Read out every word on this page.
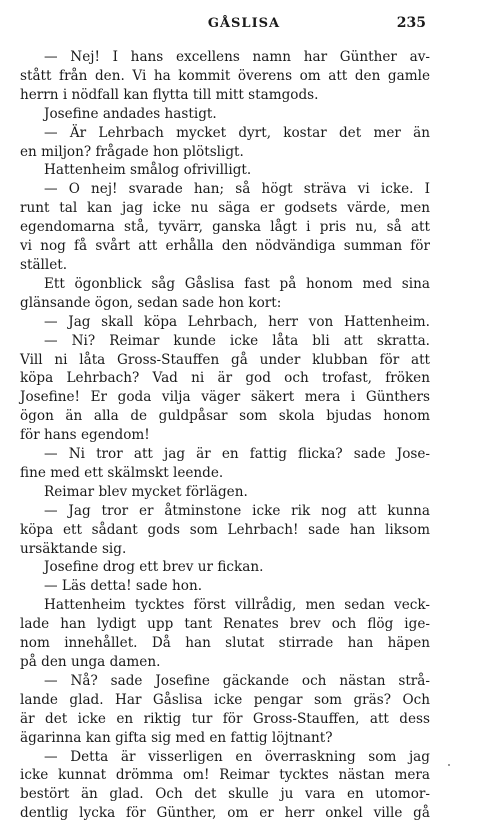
GÅSLISA	235
— Nej! I hans excellens namn har Günther av-
stått från den. Vi ha kommit överens om att den gamle
herrn i nödfall kan flytta till mitt stamgods.
Josefine andades hastigt.
— Är Lehrbach mycket dyrt, kostar det mer än
en miljon? frågade hon plötsligt.
Hattenheim smålog ofrivilligt.
— O nej! svarade han; så högt sträva vi icke. I
runt tal kan jag icke nu säga er godsets värde, men
egendomarna stå, tyvärr, ganska lågt i pris nu, så att
vi nog få svårt att erhålla den nödvändiga summan för
stället.
Ett ögonblick såg Gåslisa fast på honom med sina
glänsande ögon, sedan sade hon kort:
— Jag skall köpa Lehrbach, herr von Hattenheim.
— Ni? Reimar kunde icke låta bli att skratta.
Vill ni låta Gross-Stauffen gå under klubban för att
köpa Lehrbach? Vad ni är god och trofast, fröken
Josefine! Er goda vilja väger säkert mera i Günthers
ögon än alla de guldpåsar som skola bjudas honom
för hans egendom!
— Ni tror att jag är en fattig flicka? sade Jose-
fine med ett skälmskt leende.
Reimar blev mycket förlägen.
— Jag tror er åtminstone icke rik nog att kunna
köpa ett sådant gods som Lehrbach! sade han liksom
ursäktande sig.
Josefine drog ett brev ur fickan.
— Läs detta! sade hon.
Hattenheim tycktes först villrådig, men sedan veck-
lade han lydigt upp tant Renates brev och flög ige-
nom innehållet. Då han slutat stirrade han häpen
på den unga damen.
— Nå? sade Josefine gäckande och nästan strå-
lande glad. Har Gåslisa icke pengar som gräs? Och
är det icke en riktig tur för Gross-Stauffen, att dess
ägarinna kan gifta sig med en fattig löjtnant?
— Detta är visserligen en överraskning som jag
icke kunnat drömma om! Reimar tycktes nästan mera
bestört än glad. Och det skulle ju vara en utomor-
dentlig lycka för Günther, om er herr onkel ville gå
